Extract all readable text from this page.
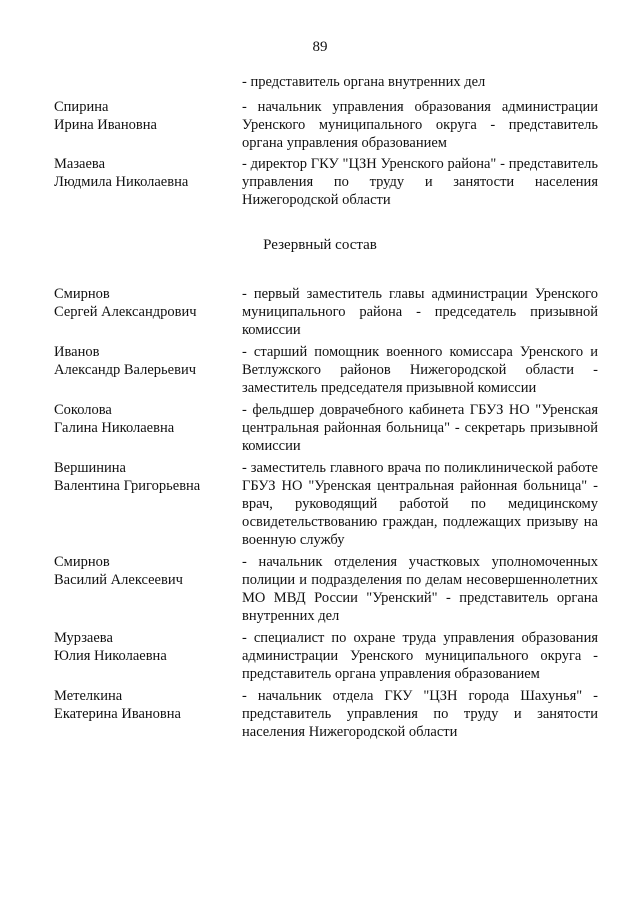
89
- представитель органа внутренних дел
Спирина
Ирина Ивановна
- начальник управления образования администрации Уренского муниципального округа - представитель органа управления образованием
Мазаева
Людмила Николаевна
- директор ГКУ "ЦЗН Уренского района" - представитель управления по труду и занятости населения Нижегородской области
Резервный состав
Смирнов
Сергей Александрович
- первый заместитель главы администрации Уренского муниципального района - председатель призывной комиссии
Иванов
Александр Валерьевич
- старший помощник военного комиссара Уренского и Ветлужского районов Нижегородской области - заместитель председателя призывной комиссии
Соколова
Галина Николаевна
- фельдшер доврачебного кабинета ГБУЗ НО "Уренская центральная районная больница" - секретарь призывной комиссии
Вершинина
Валентина Григорьевна
- заместитель главного врача по поликлинической работе ГБУЗ НО "Уренская центральная районная больница" - врач, руководящий работой по медицинскому освидетельствованию граждан, подлежащих призыву на военную службу
Смирнов
Василий Алексеевич
- начальник отделения участковых уполномоченных полиции и подразделения по делам несовершеннолетних МО МВД России "Уренский" - представитель органа внутренних дел
Мурзаева
Юлия Николаевна
- специалист по охране труда управления образования администрации Уренского муниципального округа - представитель органа управления образованием
Метелкина
Екатерина Ивановна
- начальник отдела ГКУ "ЦЗН города Шахунья" - представитель управления по труду и занятости населения Нижегородской области
